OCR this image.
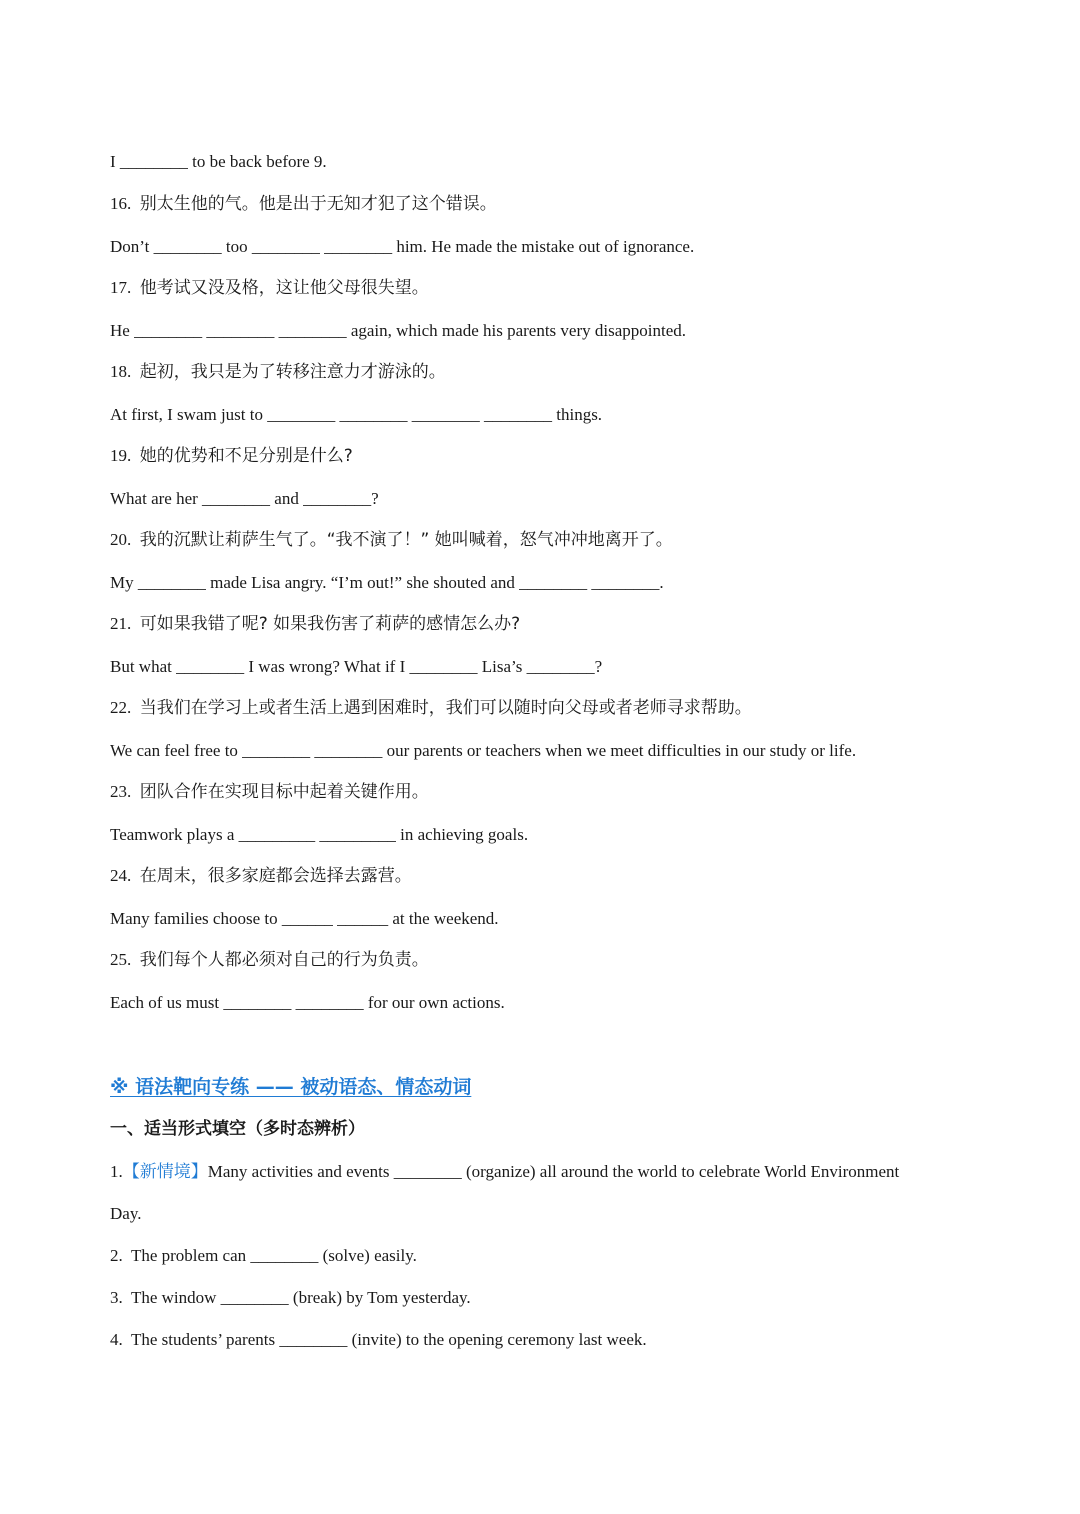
I ________ to be back before 9.
16. 别太生他的气。他是出于无知才犯了这个错误。
Don’t ________ too ________ ________ him. He made the mistake out of ignorance.
17. 他考试又没及格，这让他父母很失望。
He ________ ________ ________ again, which made his parents very disappointed.
18. 起初，我只是为了转移注意力才游泳的。
At first, I swam just to ________ ________ ________ ________ things.
19. 她的优势和不足分别是什么?
What are her ________ and ________?
20. 我的沉默让莉萨生气了。“我不演了！” 她叫喊着，怒气冲冲地离开了。
My ________ made Lisa angry. “I’m out!” she shouted and ________ ________.
21. 可如果我错了呢? 如果我伤害了莉萨的感情怎么办?
But what ________ I was wrong? What if I ________ Lisa’s ________?
22. 当我们在学习上或者生活上遇到困难时，我们可以随时向父母或者老师寻求帮助。
We can feel free to ________ ________ our parents or teachers when we meet difficulties in our study or life.
23. 团队合作在实现目标中起着关键作用。
Teamwork plays a _________ _________ in achieving goals.
24. 在周末，很多家庭都会选择去露营。
Many families choose to ______ ______ at the weekend.
25. 我们每个人都必须对自己的行为负责。
Each of us must ________ ________ for our own actions.
※ 语法靶向专练 —— 被动语态、情态动词
一、适当形式填空（多时态辨析）
1.【新情境】Many activities and events ________ (organize) all around the world to celebrate World Environment
Day.
2. The problem can ________ (solve) easily.
3. The window ________ (break) by Tom yesterday.
4. The students’ parents ________ (invite) to the opening ceremony last week.
